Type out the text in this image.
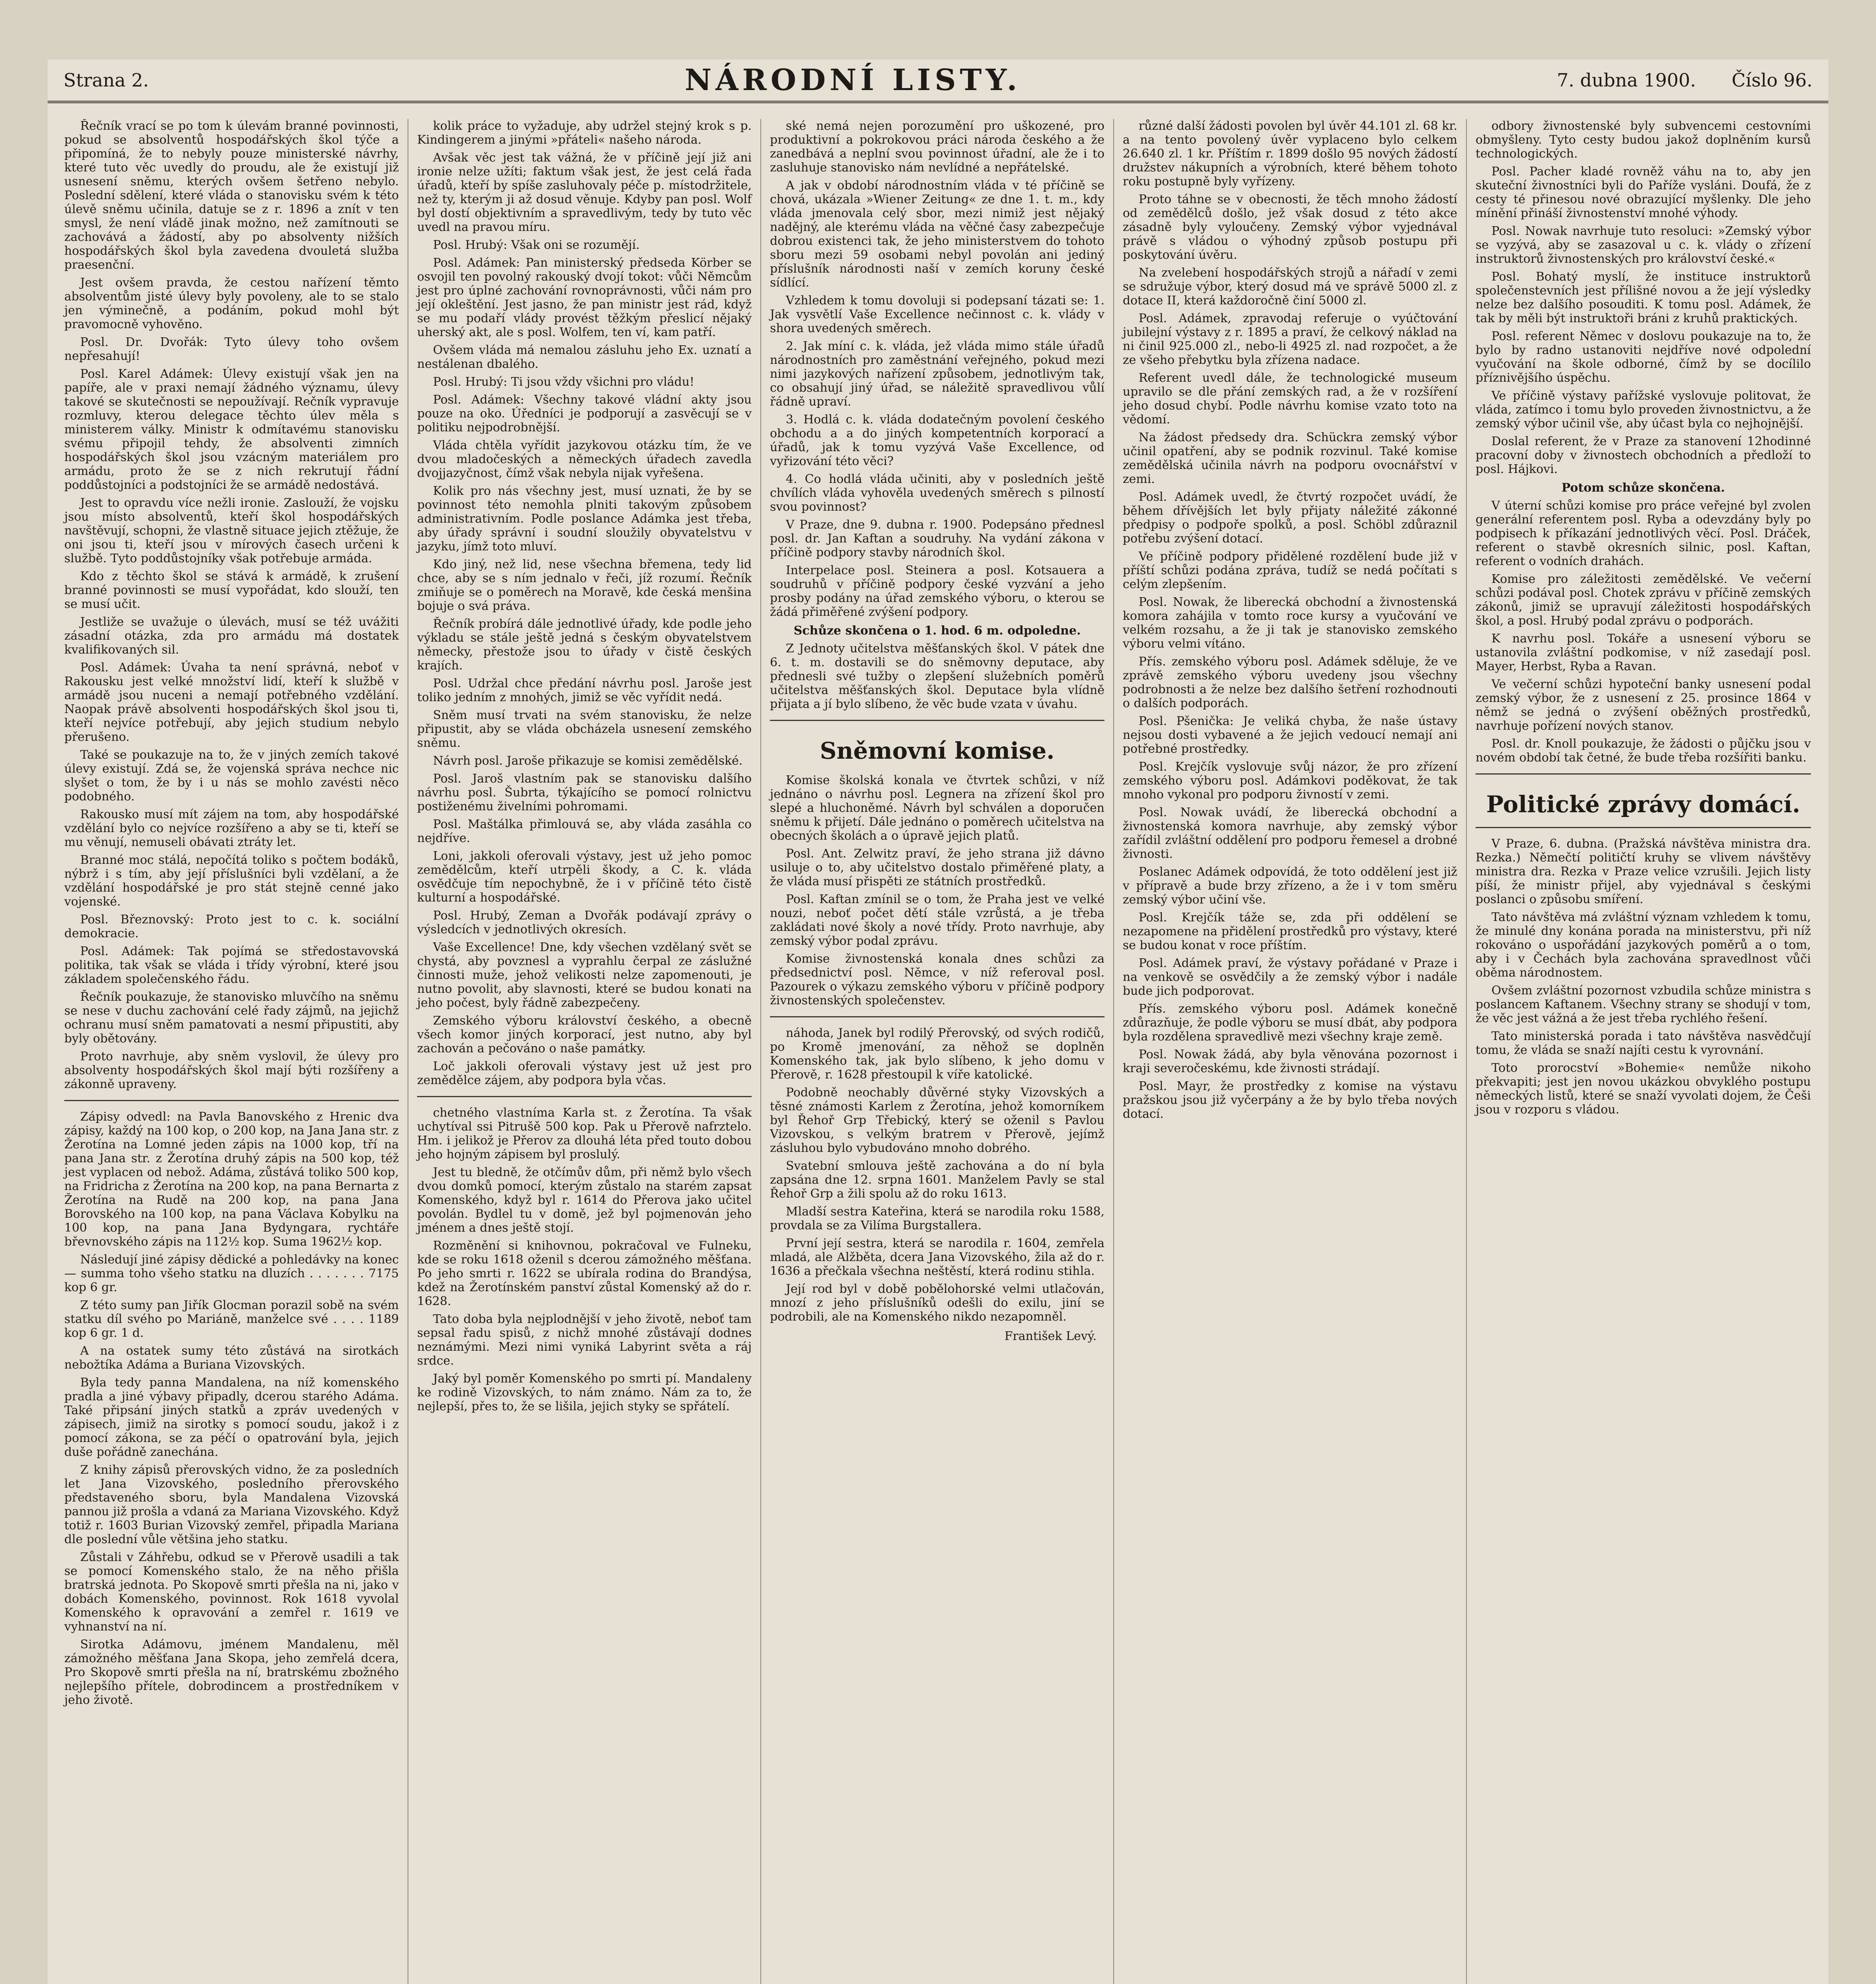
Strana 2.	NÁRODNÍ LISTY.	7. dubna 1900. Číslo 96.

Řečník vrací se po tom k úlevám branné povinnosti, pokud se absolventů hospodářských škol týče a připomíná, že to nebyly pouze ministerské návrhy, které tuto věc uvedly do proudu, ale že existují již usnesení sněmu, kterých ovšem šetřeno nebylo. Poslední sdělení, které vláda o stanovisku svém k této úlevě sněmu učinila, datuje se z r. 1896 a znít v ten smysl, že není vládě jinak možno, než zamítnouti se zachovává a žádostí, aby po absolventy nižších hospodářských škol byla zavedena dvouletá služba praesenční.

Jest ovšem pravda, že cestou nařízení těmto absolventům jisté úlevy byly povoleny, ale to se stalo jen výminečně, a podáním, pokud mohl být pravomocně vyhověno.

Posl. Dr. Dvořák: Tyto úlevy toho ovšem nepřesahují!

Posl. Karel Adámek: Úlevy existují však jen na papíře, ale v praxi nemají žádného významu, úlevy takové se skutečnosti se nepoužívají. Rečník vypravuje rozmluvy, kterou delegace těchto úlev měla s ministerem války. Ministr k odmítavému stanovisku svému připojil tehdy, že absolventi zimních hospodářských škol jsou vzácným materiálem pro armádu, proto že se z nich rekrutují řádní poddůstojníci a podstojníci že se armádě nedostává.

Jest to opravdu více nežli ironie. Zaslouží, že vojsku jsou místo absolventů, kteří škol hospodářských navštěvují, schopni, že vlastně situace jejich ztěžuje, že oni jsou ti, kteří jsou v mírových časech určeni k službě. Tyto poddůstojníky však potřebuje armáda.

Kdo z těchto škol se stává k armádě, k zrušení branné povinnosti se musí vypořádat, kdo slouží, ten se musí učit.

Jestliže se uvažuje o úlevách, musí se též uvážiti zásadní otázka, zda pro armádu má dostatek kvalifikovaných sil.

Posl. Adámek: Úvaha ta není správná, neboť v Rakousku jest velké množství lidí, kteří k službě v armádě jsou nuceni a nemají potřebného vzdělání. Naopak právě absolventi hospodářských škol jsou ti, kteří nejvíce potřebují, aby jejich studium nebylo přerušeno.

Také se poukazuje na to, že v jiných zemích takové úlevy existují. Zdá se, že vojenská správa nechce nic slyšet o tom, že by i u nás se mohlo zavésti něco podobného.

Rakousko musí mít zájem na tom, aby hospodářské vzdělání bylo co nejvíce rozšířeno a aby se ti, kteří se mu věnují, nemuseli obávati ztráty let.

Branné moc stálá, nepočítá toliko s počtem bodáků, nýbrž i s tím, aby její příslušníci byli vzdělaní, a že vzdělání hospodářské je pro stát stejně cenné jako vojenské.

Posl. Březnovský: Proto jest to c. k. sociální demokracie.

Posl. Adámek: Tak pojímá se středostavovská politika, tak však se vláda i třídy výrobní, které jsou základem společenského řádu.

Řečník poukazuje, že stanovisko mluvčího na sněmu se nese v duchu zachování celé řady zájmů, na jejichž ochranu musí sněm pamatovati a nesmí připustiti, aby byly obětovány.

Proto navrhuje, aby sněm vyslovil, že úlevy pro absolventy hospodářských škol mají býti rozšířeny a zákonně upraveny.

Zápisy odvedl: na Pavla Banovského z Hrenic dva zápisy, každý na 100 kop, o 200 kop, na Jana Jana str. z Žerotína na Lomné jeden zápis na 1000 kop, tří na pana Jana str. z Žerotína druhý zápis na 500 kop, též jest vyplacen od nebož. Adáma, zůstává toliko 500 kop, na Fridricha z Žerotína na 200 kop, na pana Bernarta z Žerotína na Rudě na 200 kop, na pana Jana Borovského na 100 kop, na pana Václava Kobylku na 100 kop, na pana Jana Bydyngara, rychtáře břevnovského zápis na 112½ kop. Suma 1962½ kop.

Následují jiné zápisy dědické a pohledávky na konec — summa toho všeho statku na dluzích . . . . . . . 7175 kop 6 gr.

Z této sumy pan Jiřík Glocman porazil sobě na svém statku díl svého po Mariáně, manželce své . . . . 1189 kop 6 gr. 1 d.

A na ostatek sumy této zůstává na sirotkách nebožtíka Adáma a Buriana Vizovských.

Byla tedy panna Mandalena, na níž komenského pradla a jiné výbavy připadly, dcerou starého Adáma. Také připsání jiných statků a zpráv uvedených v zápisech, jimiž na sirotky s pomocí soudu, jakož i z pomocí zákona, se za péčí o opatrování byla, jejich duše pořádně zanechána.

Z knihy zápisů přerovských vidno, že za posledních let Jana Vizovského, posledního přerovského představeného sboru, byla Mandalena Vizovská pannou již prošla a vdaná za Mariana Vizovského. Když totiž r. 1603 Burian Vizovský zemřel, připadla Mariana dle poslední vůle většina jeho statku.

Zůstali v Záhřebu, odkud se v Přerově usadili a tak se pomocí Komenského stalo, že na něho přišla bratrská jednota. Po Skopově smrti přešla na ni, jako v dobách Komenského, povinnost. Rok 1618 vyvolal Komenského k opravování a zemřel r. 1619 ve vyhnanství na ní.

Sirotka Adámovu, jménem Mandalenu, měl zámožného měšťana Jana Skopa, jeho zemřelá dcera, Pro Skopově smrti přešla na ní, bratrskému zbožného nejlepšího přítele, dobrodincem a prostředníkem v jeho životě.

kolik práce to vyžaduje, aby udržel stejný krok s p. Kindingerem a jinými »přáteli« našeho národa.

Avšak věc jest tak vážná, že v příčině její již ani ironie nelze užíti; faktum však jest, že jest celá řada úřadů, kteří by spíše zasluhovaly péče p. místodržitele, než ty, kterým ji až dosud věnuje. Kdyby pan posl. Wolf byl dostí objektivním a spravedlivým, tedy by tuto věc uvedl na pravou míru.

Posl. Hrubý: Však oni se rozumějí.

Posl. Adámek: Pan ministerský předseda Körber se osvojil ten povolný rakouský dvojí tokot: vůči Němcům jest pro úplné zachování rovnoprávnosti, vůči nám pro její okleštění. Jest jasno, že pan ministr jest rád, když se mu podaří vlády provést těžkým přeslicí nějaký uherský akt, ale s posl. Wolfem, ten ví, kam patří.

Ovšem vláda má nemalou zásluhu jeho Ex. uznatí a nestálenan dbalého.

Posl. Hrubý: Ti jsou vždy všichni pro vládu!

Posl. Adámek: Všechny takové vládní akty jsou pouze na oko. Úředníci je podporují a zasvěcují se v politiku nejpodrobnější.

Vláda chtěla vyřídit jazykovou otázku tím, že ve dvou mladočeských a německých úřadech zavedla dvojjazyčnost, čímž však nebyla nijak vyřešena.

Kolik pro nás všechny jest, musí uznati, že by se povinnost této nemohla plniti takovým způsobem administrativním. Podle poslance Adámka jest třeba, aby úřady správní i soudní sloužily obyvatelstvu v jazyku, jímž toto mluví.

Kdo jiný, než lid, nese všechna břemena, tedy lid chce, aby se s ním jednalo v řeči, jíž rozumí. Řečník zmiňuje se o poměrech na Moravě, kde česká menšina bojuje o svá práva.

Řečník probírá dále jednotlivé úřady, kde podle jeho výkladu se stále ještě jedná s českým obyvatelstvem německy, přestože jsou to úřady v čistě českých krajích.

Posl. Udržal chce předání návrhu posl. Jaroše jest toliko jedním z mnohých, jimiž se věc vyřídit nedá.

Sněm musí trvati na svém stanovisku, že nelze připustit, aby se vláda obcházela usnesení zemského sněmu.

Návrh posl. Jaroše přikazuje se komisi zemědělské.

Posl. Jaroš vlastním pak se stanovisku dalšího návrhu posl. Šubrta, týkajícího se pomocí rolnictvu postiženému živelními pohromami.

Posl. Maštálka přimlouvá se, aby vláda zasáhla co nejdříve.

Loni, jakkoli oferovali výstavy, jest už jeho pomoc zemědělcům, kteří utrpěli škody, a C. k. vláda osvědčuje tím nepochybně, že i v příčině této čistě kulturní a hospodářské.

Posl. Hrubý, Zeman a Dvořák podávají zprávy o výsledcích v jednotlivých okresích.

Vaše Excellence! Dne, kdy všechen vzdělaný svět se chystá, aby povznesl a vyprahlu čerpal ze záslužné činnosti muže, jehož velikosti nelze zapomenouti, je nutno povolit, aby slavnosti, které se budou konati na jeho počest, byly řádně zabezpečeny.

Zemského výboru království českého, a obecně všech komor jiných korporací, jest nutno, aby byl zachován a pečováno o naše památky.

Loč jakkoli oferovali výstavy jest už jest pro zemědělce zájem, aby podpora byla včas.

chetného vlastníma Karla st. z Žerotína. Ta však uchytíval ssi Pitrušě 500 kop. Pak u Přerově nafrztelo. Hm. i jelikož je Přerov za dlouhá léta před touto dobou jeho hojným zápisem byl proslulý.

Jest tu bledně, že otčímův dům, při němž bylo všech dvou domků pomocí, kterým zůstalo na starém zapsat Komenského, když byl r. 1614 do Přerova jako učitel povolán. Bydlel tu v domě, jež byl pojmenován jeho jménem a dnes ještě stojí.

Rozměnění si knihovnou, pokračoval ve Fulneku, kde se roku 1618 oženil s dcerou zámožného měšťana. Po jeho smrti r. 1622 se ubírala rodina do Brandýsa, kdež na Žerotínském panství zůstal Komenský až do r. 1628.

Tato doba byla nejplodnější v jeho životě, neboť tam sepsal řadu spisů, z nichž mnohé zůstávají dodnes neznámými. Mezi nimi vyniká Labyrint světa a ráj srdce.

Jaký byl poměr Komenského po smrti pí. Mandaleny ke rodině Vizovských, to nám známo. Nám za to, že nejlepší, přes to, že se lišila, jejich styky se spřátelí.

ské nemá nejen porozumění pro uškozené, pro produktivní a pokrokovou práci národa českého a že zanedbává a neplní svou povinnost úřadní, ale že i to zasluhuje stanovisko nám nevlídné a nepřátelské.

A jak v období národnostním vláda v té příčině se chová, ukázala »Wiener Zeitung« ze dne 1. t. m., kdy vláda jmenovala celý sbor, mezi nimiž jest nějaký nadějný, ale kterému vláda na věčné časy zabezpečuje dobrou existenci tak, že jeho ministerstvem do tohoto sboru mezi 59 osobami nebyl povolán ani jediný příslušník národnosti naší v zemích koruny české sídlící.

Vzhledem k tomu dovoluji si podepsaní tázati se: 1. Jak vysvětlí Vaše Excellence nečinnost c. k. vlády v shora uvedených směrech.

2. Jak míní c. k. vláda, jež vláda mimo stále úřadů národnostních pro zaměstnání veřejného, pokud mezi nimi jazykových nařízení způsobem, jednotlivým tak, co obsahují jiný úřad, se náležitě spravedlivou vůlí řádně upraví.

3. Hodlá c. k. vláda dodatečným povolení českého obchodu a a do jiných kompetentních korporací a úřadů, jak k tomu vyzývá Vaše Excellence, od vyřizování této věci?

4. Co hodlá vláda učiniti, aby v posledních ještě chvílích vláda vyhověla uvedených směrech s pilností svou povinnost?

V Praze, dne 9. dubna r. 1900. Podepsáno přednesl posl. dr. Jan Kaftan a soudruhy. Na vydání zákona v příčině podpory stavby národních škol.

Interpelace posl. Steinera a posl. Kotsauera a soudruhů v příčině podpory české vyzvání a jeho prosby podány na úřad zemského výboru, o kterou se žádá přiměřené zvýšení podpory.

Schůze skončena o 1. hod. 6 m. odpoledne.

Z Jednoty učitelstva měšťanských škol. V pátek dne 6. t. m. dostavili se do sněmovny deputace, aby přednesli své tužby o zlepšení služebních poměrů učitelstva měšťanských škol. Deputace byla vlídně přijata a jí bylo slíbeno, že věc bude vzata v úvahu.

Sněmovní komise.

Komise školská konala ve čtvrtek schůzi, v níž jednáno o návrhu posl. Legnera na zřízení škol pro slepé a hluchoněmé. Návrh byl schválen a doporučen sněmu k přijetí. Dále jednáno o poměrech učitelstva na obecných školách a o úpravě jejich platů.

Posl. Ant. Zelwitz praví, že jeho strana již dávno usiluje o to, aby učitelstvo dostalo přiměřené platy, a že vláda musí přispěti ze státních prostředků.

Posl. Kaftan zmínil se o tom, že Praha jest ve velké nouzi, neboť počet dětí stále vzrůstá, a je třeba zakládati nové školy a nové třídy. Proto navrhuje, aby zemský výbor podal zprávu.

Komise živnostenská konala dnes schůzi za předsednictví posl. Němce, v níž referoval posl. Pazourek o výkazu zemského výboru v příčině podpory živnostenských společenstev.

náhoda, Janek byl rodilý Přerovský, od svých rodičů, po Kromě jmenování, za něhož se doplněn Komenského tak, jak bylo slíbeno, k jeho domu v Přerově, r. 1628 přestoupil k víře katolické.

Podobně neochably důvěrné styky Vizovských a těsné známosti Karlem z Žerotína, jehož komorníkem byl Řehoř Grp Třebický, který se oženil s Pavlou Vizovskou, s velkým bratrem v Přerově, jejímž zásluhou bylo vybudováno mnoho dobrého.

Svatební smlouva ještě zachována a do ní byla zapsána dne 12. srpna 1601. Manželem Pavly se stal Řehoř Grp a žili spolu až do roku 1613.

Mladší sestra Kateřina, která se narodila roku 1588, provdala se za Vilíma Burgstallera.

První její sestra, která se narodila r. 1604, zemřela mladá, ale Alžběta, dcera Jana Vizovského, žila až do r. 1636 a přečkala všechna neštěstí, která rodinu stihla.

Její rod byl v době pobělohorské velmi utlačován, mnozí z jeho příslušníků odešli do exilu, jiní se podrobili, ale na Komenského nikdo nezapomněl.

František Levý.

různé další žádosti povolen byl úvěr 44.101 zl. 68 kr. a na tento povolený úvěr vyplaceno bylo celkem 26.640 zl. 1 kr. Příštím r. 1899 došlo 95 nových žádostí družstev nákupních a výrobních, které během tohoto roku postupně byly vyřízeny.

Proto táhne se v obecnosti, že těch mnoho žádostí od zemědělců došlo, jež však dosud z této akce zásadně byly vyloučeny. Zemský výbor vyjednával právě s vládou o výhodný způsob postupu při poskytování úvěru.

Na zvelebení hospodářských strojů a nářadí v zemi se sdružuje výbor, který dosud má ve správě 5000 zl. z dotace II, která každoročně činí 5000 zl.

Posl. Adámek, zpravodaj referuje o vyúčtování jubilejní výstavy z r. 1895 a praví, že celkový náklad na ni činil 925.000 zl., nebo-li 4925 zl. nad rozpočet, a že ze všeho přebytku byla zřízena nadace.

Referent uvedl dále, že technologické museum upravilo se dle přání zemských rad, a že v rozšíření jeho dosud chybí. Podle návrhu komise vzato toto na vědomí.

Na žádost předsedy dra. Schückra zemský výbor učinil opatření, aby se podnik rozvinul. Také komise zemědělská učinila návrh na podporu ovocnářství v zemi.

Posl. Adámek uvedl, že čtvrtý rozpočet uvádí, že během dřívějších let byly přijaty náležité zákonné předpisy o podpoře spolků, a posl. Schöbl zdůraznil potřebu zvýšení dotací.

Ve příčině podpory přidělené rozdělení bude již v příští schůzi podána zpráva, tudíž se nedá počítati s celým zlepšením.

Posl. Nowak, že liberecká obchodní a živnostenská komora zahájila v tomto roce kursy a vyučování ve velkém rozsahu, a že ji tak je stanovisko zemského výboru velmi vítáno.

Přís. zemského výboru posl. Adámek sděluje, že ve zprávě zemského výboru uvedeny jsou všechny podrobnosti a že nelze bez dalšího šetření rozhodnouti o dalších podporách.

Posl. Pšenička: Je veliká chyba, že naše ústavy nejsou dosti vybavené a že jejich vedoucí nemají ani potřebné prostředky.

Posl. Krejčík vyslovuje svůj názor, že pro zřízení zemského výboru posl. Adámkovi poděkovat, že tak mnoho vykonal pro podporu živností v zemi.

Posl. Nowak uvádí, že liberecká obchodní a živnostenská komora navrhuje, aby zemský výbor zařídil zvláštní oddělení pro podporu řemesel a drobné živnosti.

Poslanec Adámek odpovídá, že toto oddělení jest již v přípravě a bude brzy zřízeno, a že i v tom směru zemský výbor učiní vše.

Posl. Krejčík táže se, zda při oddělení se nezapomene na přidělení prostředků pro výstavy, které se budou konat v roce příštím.

Posl. Adámek praví, že výstavy pořádané v Praze i na venkově se osvědčily a že zemský výbor i nadále bude jich podporovat.

Přís. zemského výboru posl. Adámek konečně zdůrazňuje, že podle výboru se musí dbát, aby podpora byla rozdělena spravedlivě mezi všechny kraje země.

Posl. Nowak žádá, aby byla věnována pozornost i kraji severočeskému, kde živnosti strádají.

Posl. Mayr, že prostředky z komise na výstavu pražskou jsou již vyčerpány a že by bylo třeba nových dotací.

odbory živnostenské byly subvencemi cestovními obmyšleny. Tyto cesty budou jakož doplněním kursů technologických.

Posl. Pacher kladé rovněž váhu na to, aby jen skuteční živnostníci byli do Paříže vysláni. Doufá, že z cesty té přinesou nové obrazující myšlenky. Dle jeho mínění přináší živnostenství mnohé výhody.

Posl. Nowak navrhuje tuto resoluci: »Zemský výbor se vyzývá, aby se zasazoval u c. k. vlády o zřízení instruktorů živnostenských pro království české.«

Posl. Bohatý myslí, že instituce instruktorů společenstevních jest přílišné novou a že její výsledky nelze bez dalšího posouditi. K tomu posl. Adámek, že tak by měli být instruktoři bráni z kruhů praktických.

Posl. referent Němec v doslovu poukazuje na to, že bylo by radno ustanoviti nejdříve nové odpolední vyučování na škole odborné, čímž by se docílilo příznivějšího úspěchu.

Ve příčině výstavy pařížské vyslovuje politovat, že vláda, zatímco i tomu bylo proveden živnostnictvu, a že zemský výbor učinil vše, aby účast byla co nejhojnější.

Doslal referent, že v Praze za stanovení 12hodinné pracovní doby v živnostech obchodních a předloží to posl. Hájkovi.

Potom schůze skončena.

V úterní schůzi komise pro práce veřejné byl zvolen generální referentem posl. Ryba a odevzdány byly po podpisech k příkazání jednotlivých věcí. Posl. Dráček, referent o stavbě okresních silnic, posl. Kaftan, referent o vodních drahách.

Komise pro záležitosti zemědělské. Ve večerní schůzi podával posl. Chotek zprávu v příčině zemských zákonů, jimiž se upravují záležitosti hospodářských škol, a posl. Hrubý podal zprávu o podporách.

K navrhu posl. Tokáře a usnesení výboru se ustanovila zvláštní podkomise, v níž zasedají posl. Mayer, Herbst, Ryba a Ravan.

Ve večerní schůzi hypoteční banky usnesení podal zemský výbor, že z usnesení z 25. prosince 1864 v němž se jedná o zvýšení oběžných prostředků, navrhuje pořízení nových stanov.

Posl. dr. Knoll poukazuje, že žádosti o půjčku jsou v novém období tak četné, že bude třeba rozšířiti banku.

Politické zprávy domácí.

V Praze, 6. dubna. (Pražská návštěva ministra dra. Rezka.) Němečtí političtí kruhy se vlivem návštěvy ministra dra. Rezka v Praze velice vzrušili. Jejich listy píší, že ministr přijel, aby vyjednával s českými poslanci o způsobu smíření.

Tato návštěva má zvláštní význam vzhledem k tomu, že minulé dny konána porada na ministerstvu, při níž rokováno o uspořádání jazykových poměrů a o tom, aby i v Čechách byla zachována spravedlnost vůči oběma národnostem.

Ovšem zvláštní pozornost vzbudila schůze ministra s poslancem Kaftanem. Všechny strany se shodují v tom, že věc jest vážná a že jest třeba rychlého řešení.

Tato ministerská porada i tato návštěva nasvědčují tomu, že vláda se snaží najíti cestu k vyrovnání.

Toto prorocství »Bohemie« nemůže nikoho překvapiti; jest jen novou ukázkou obvyklého postupu německých listů, které se snaží vyvolati dojem, že Češi jsou v rozporu s vládou.
